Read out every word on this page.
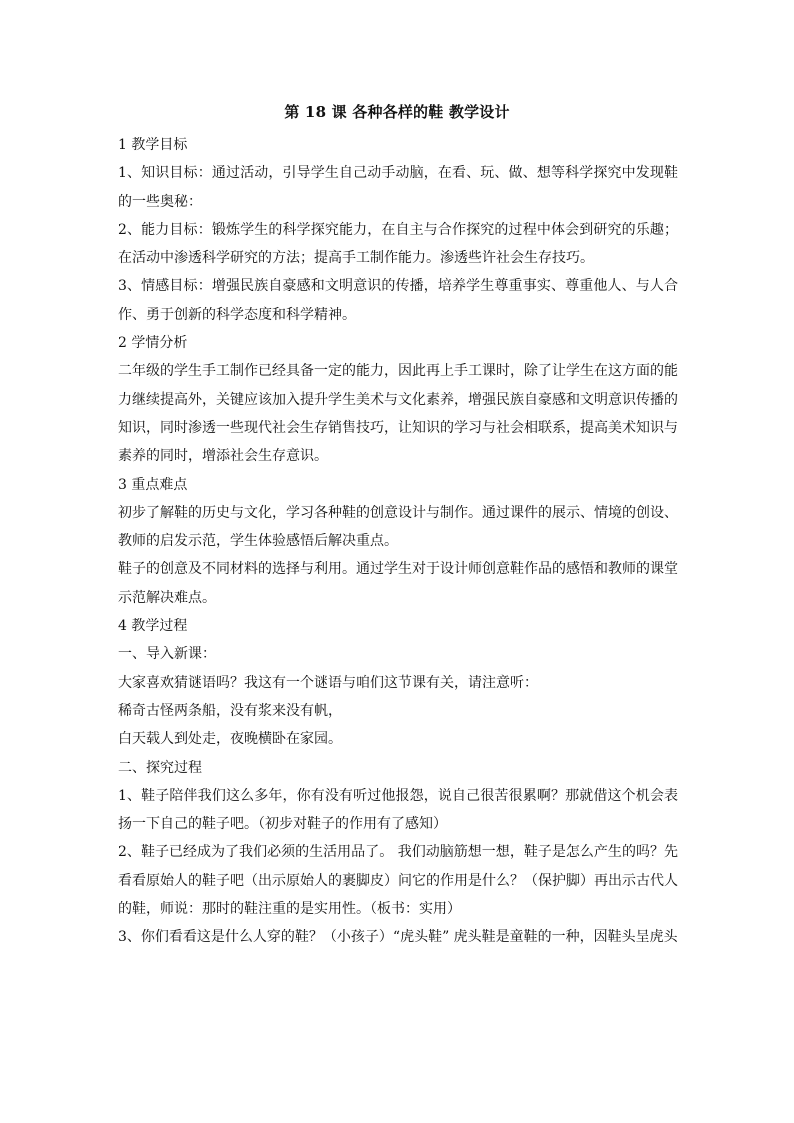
第 18 课 各种各样的鞋 教学设计

1 教学目标

1、知识目标：通过活动，引导学生自己动手动脑，在看、玩、做、想等科学探究中发现鞋的一些奥秘：

2、能力目标：锻炼学生的科学探究能力，在自主与合作探究的过程中体会到研究的乐趣；在活动中渗透科学研究的方法；提高手工制作能力。渗透些许社会生存技巧。

3、情感目标：增强民族自豪感和文明意识的传播，培养学生尊重事实、尊重他人、与人合作、勇于创新的科学态度和科学精神。

2 学情分析

二年级的学生手工制作已经具备一定的能力，因此再上手工课时，除了让学生在这方面的能力继续提高外，关键应该加入提升学生美术与文化素养，增强民族自豪感和文明意识传播的知识，同时渗透一些现代社会生存销售技巧，让知识的学习与社会相联系，提高美术知识与素养的同时，增添社会生存意识。

3 重点难点

初步了解鞋的历史与文化，学习各种鞋的创意设计与制作。通过课件的展示、情境的创设、教师的启发示范，学生体验感悟后解决重点。

鞋子的创意及不同材料的选择与利用。通过学生对于设计师创意鞋作品的感悟和教师的课堂示范解决难点。

4 教学过程

一、导入新课：

大家喜欢猜谜语吗？我这有一个谜语与咱们这节课有关，请注意听：

稀奇古怪两条船，没有浆来没有帆，

白天载人到处走，夜晚横卧在家园。

二、探究过程

1、鞋子陪伴我们这么多年，你有没有听过他报怨，说自己很苦很累啊？那就借这个机会表扬一下自己的鞋子吧。（初步对鞋子的作用有了感知）

2、鞋子已经成为了我们必须的生活用品了。 我们动脑筋想一想，鞋子是怎么产生的吗？先看看原始人的鞋子吧（出示原始人的裹脚皮）问它的作用是什么？（保护脚）再出示古代人的鞋，师说：那时的鞋注重的是实用性。（板书：实用）

3、你们看看这是什么人穿的鞋？（小孩子）“虎头鞋” 虎头鞋是童鞋的一种，因鞋头呈虎头
